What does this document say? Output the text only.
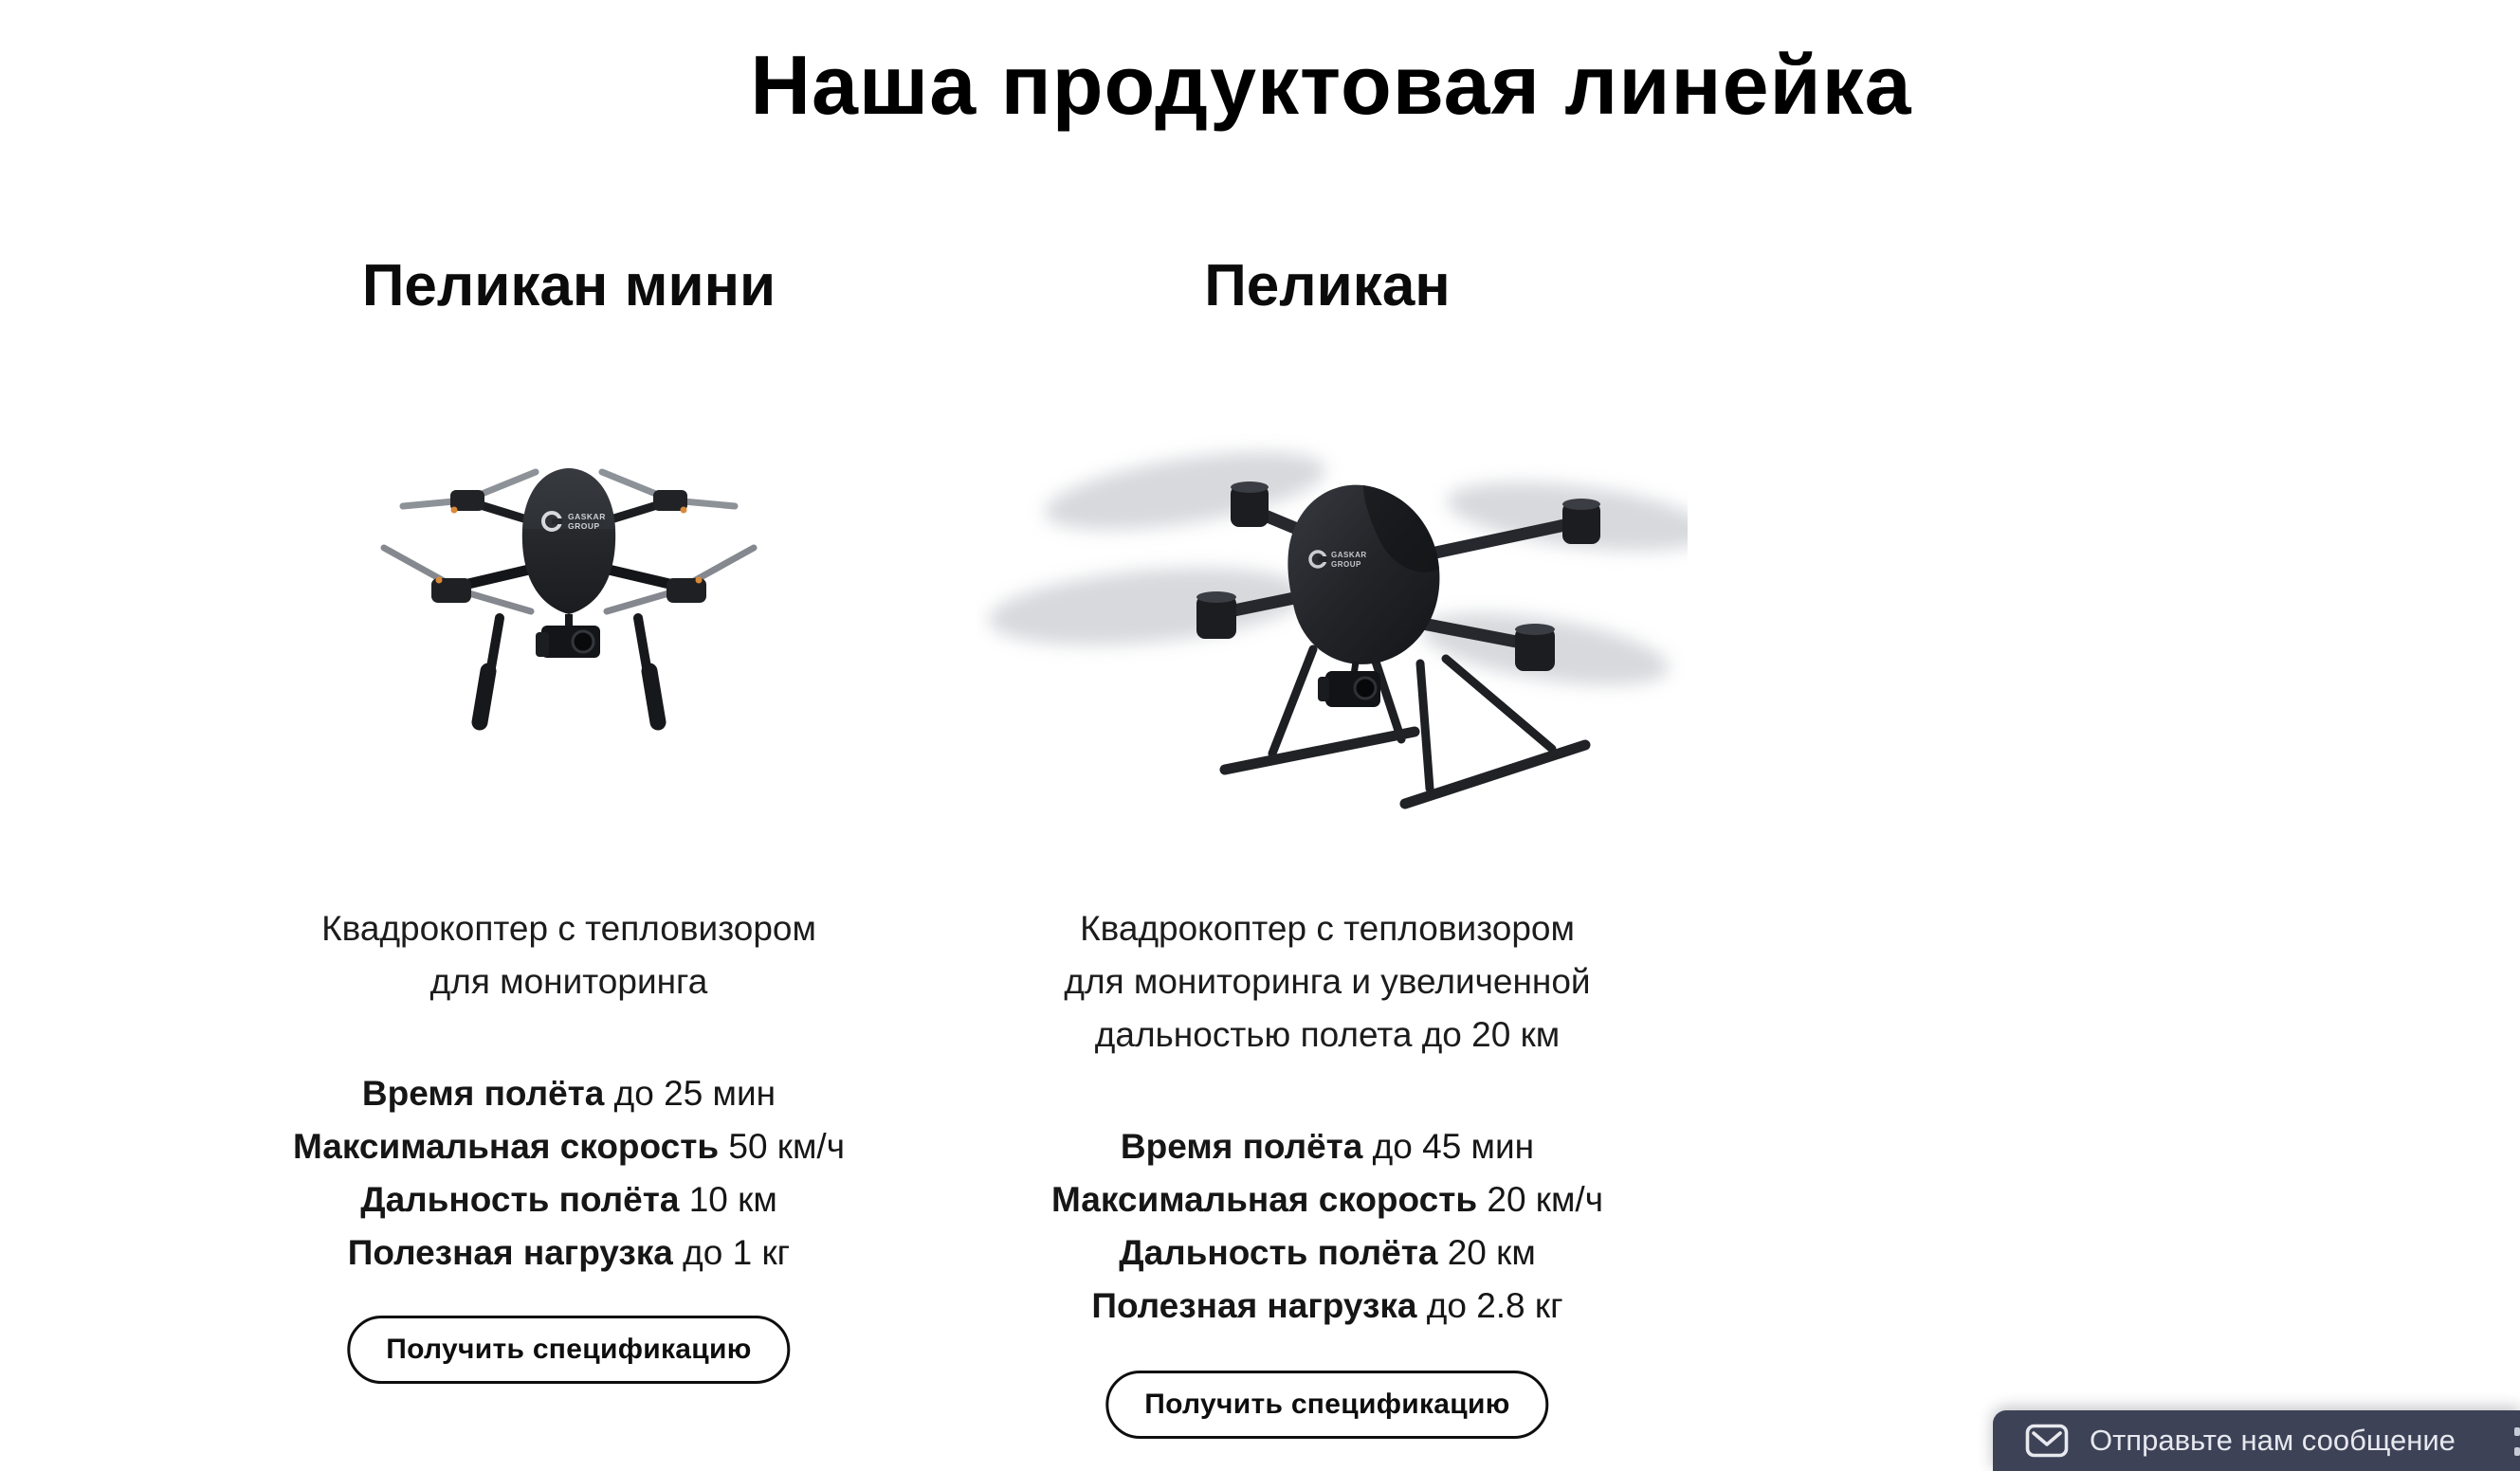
Наша продуктовая линейка
Пеликан мини
GASKAR
GROUP
Квадрокоптер с тепловизором
для мониторинга
Время полёта до 25 мин
Максимальная скорость 50 км/ч
Дальность полёта 10 км
Полезная нагрузка до 1 кг
Получить спецификацию
Пеликан
GASKAR
GROUP
Квадрокоптер с тепловизором
для мониторинга и увеличенной
дальностью полета до 20 км
Время полёта до 45 мин
Максимальная скорость 20 км/ч
Дальность полёта 20 км
Полезная нагрузка до 2.8 кг
Получить спецификацию
Отправьте нам сообщение
